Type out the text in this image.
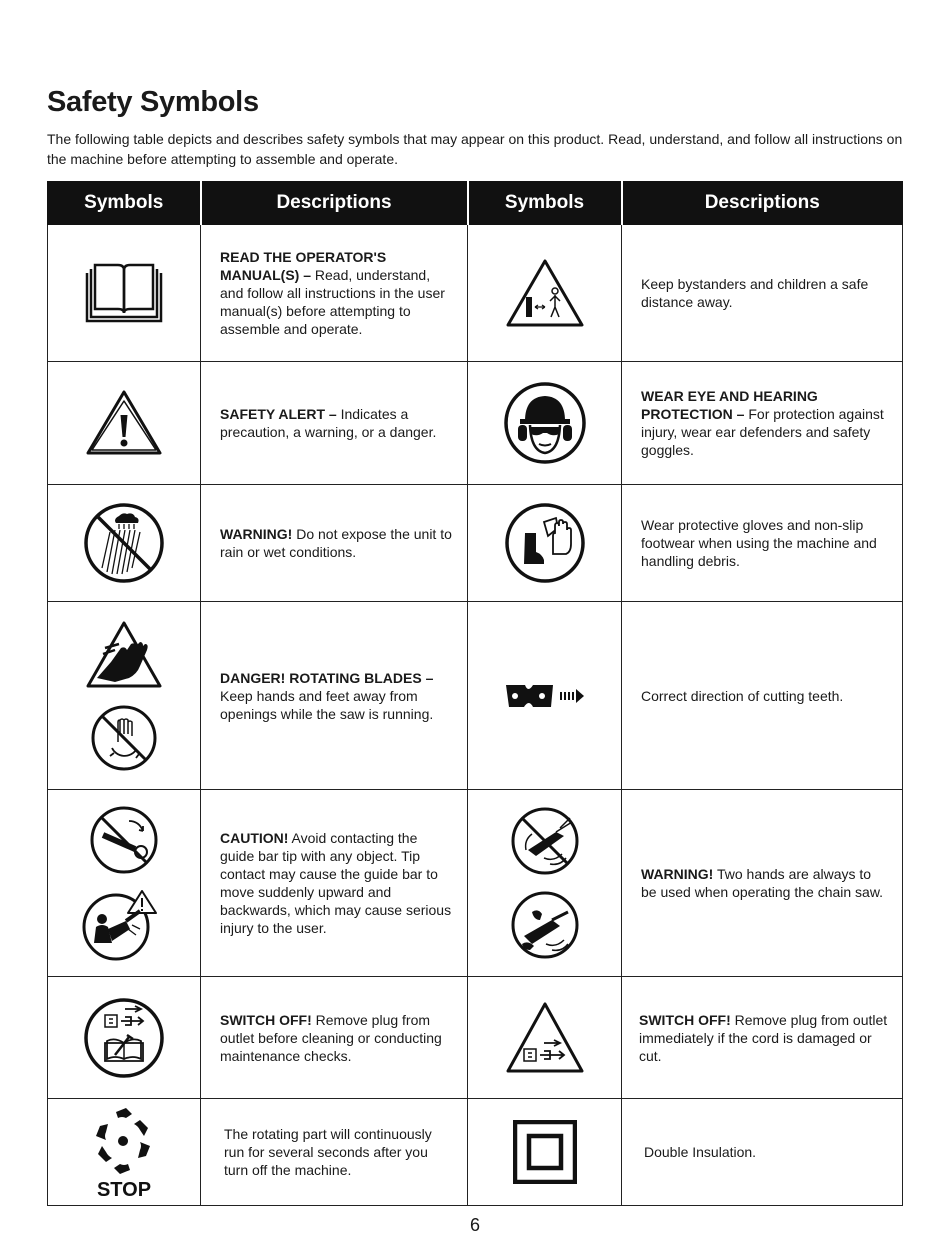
Safety Symbols

The following table depicts and describes safety symbols that may appear on this product. Read, understand, and follow all instructions on the machine before attempting to assemble and operate.

Symbols	Descriptions	Symbols	Descriptions

	READ THE OPERATOR'S MANUAL(S) – Read, understand, and follow all instructions in the user manual(s) before attempting to assemble and operate.		Keep bystanders and children a safe distance away.

	SAFETY ALERT – Indicates a precaution, a warning, or a danger.		WEAR EYE AND HEARING PROTECTION – For protection against injury, wear ear defenders and safety goggles.

	WARNING! Do not expose the unit to rain or wet conditions.		Wear protective gloves and non-slip footwear when using the machine and handling debris.

	DANGER! ROTATING BLADES – Keep hands and feet away from openings while the saw is running.		Correct direction of cutting teeth.

	CAUTION! Avoid contacting the guide bar tip with any object. Tip contact may cause the guide bar to move suddenly upward and backwards, which may cause serious injury to the user.		WARNING! Two hands are always to be used when operating the chain saw.

	SWITCH OFF! Remove plug from outlet before cleaning or conducting maintenance checks.		SWITCH OFF! Remove plug from outlet immediately if the cord is damaged or cut.

STOP	The rotating part will continuously run for several seconds after you turn off the machine.		Double Insulation.

6
